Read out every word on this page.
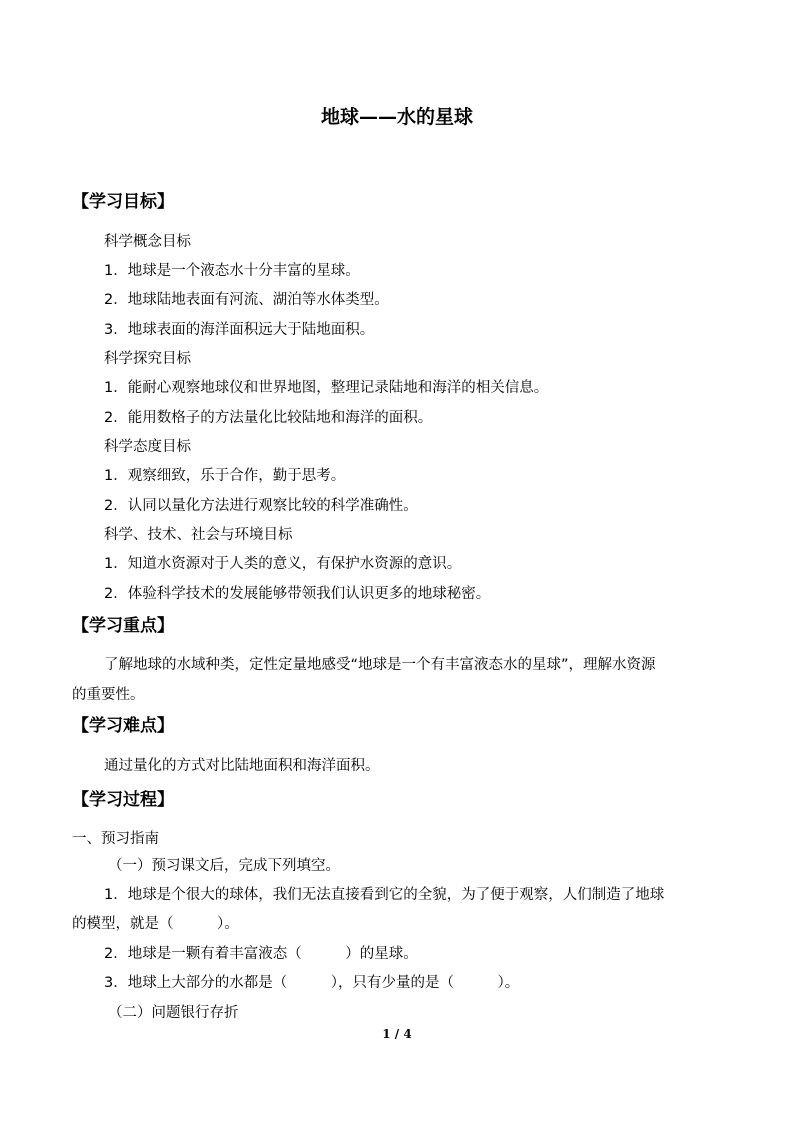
地球——水的星球
【学习目标】
科学概念目标
1．地球是一个液态水十分丰富的星球。
2．地球陆地表面有河流、湖泊等水体类型。
3．地球表面的海洋面积远大于陆地面积。
科学探究目标
1．能耐心观察地球仪和世界地图，整理记录陆地和海洋的相关信息。
2．能用数格子的方法量化比较陆地和海洋的面积。
科学态度目标
1．观察细致，乐于合作，勤于思考。
2．认同以量化方法进行观察比较的科学准确性。
科学、技术、社会与环境目标
1．知道水资源对于人类的意义，有保护水资源的意识。
2．体验科学技术的发展能够带领我们认识更多的地球秘密。
【学习重点】
了解地球的水域种类，定性定量地感受“地球是一个有丰富液态水的星球”，理解水资源
的重要性。
【学习难点】
通过量化的方式对比陆地面积和海洋面积。
【学习过程】
一、预习指南
（一）预习课文后，完成下列填空。
1．地球是个很大的球体，我们无法直接看到它的全貌，为了便于观察，人们制造了地球
的模型，就是（　　　）。
2．地球是一颗有着丰富液态（　　　）的星球。
3．地球上大部分的水都是（　　　），只有少量的是（　　　）。
（二）问题银行存折
1 / 4
